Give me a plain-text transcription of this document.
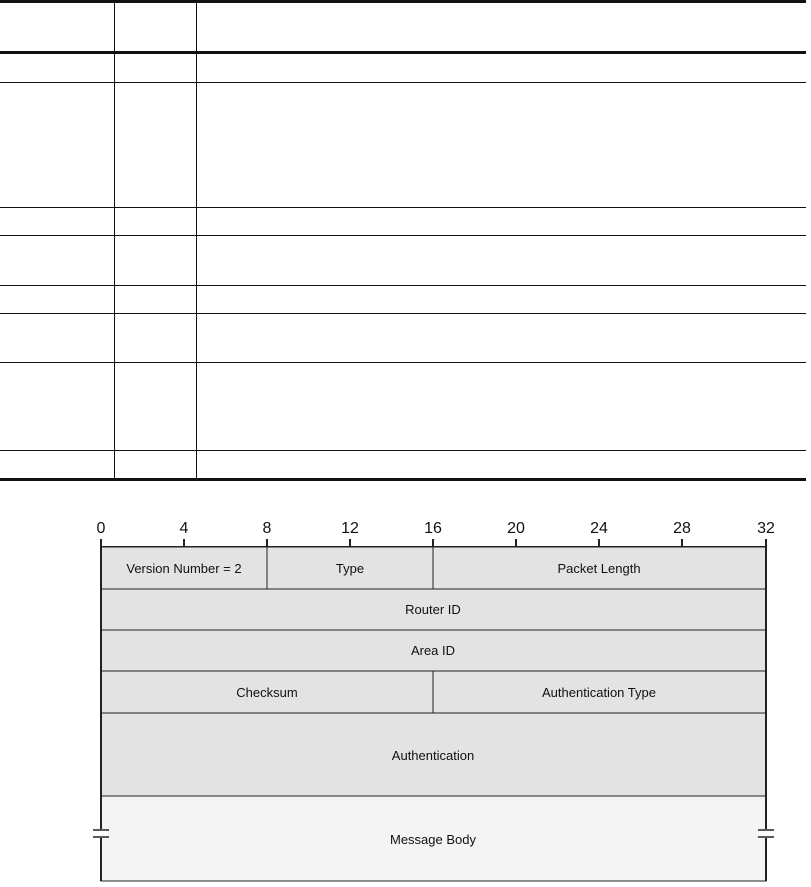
0	4	8	12	16	20	24	28	32
Version Number = 2	Type	Packet Length
Router ID
Area ID
Checksum	Authentication Type
Authentication
Message Body
